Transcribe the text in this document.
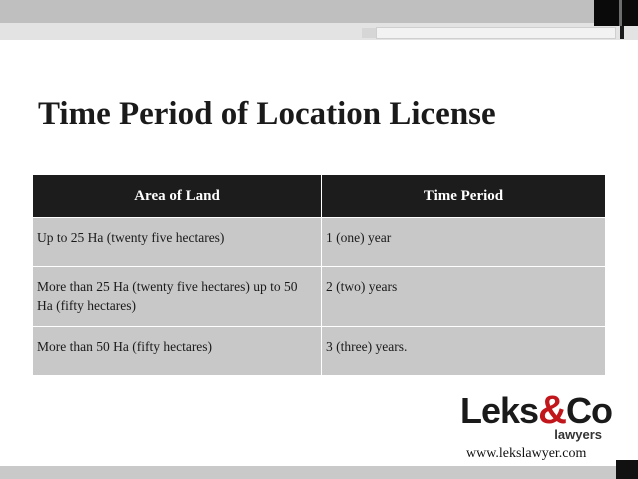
Time Period of Location License
Area of Land	Time Period
Up to 25 Ha (twenty five hectares)	1 (one) year
More than 25 Ha (twenty five hectares) up to 50 Ha (fifty hectares)	2 (two) years
More than 50 Ha (fifty hectares)	3 (three) years.
Leks&Co
lawyers
www.lekslawyer.com
